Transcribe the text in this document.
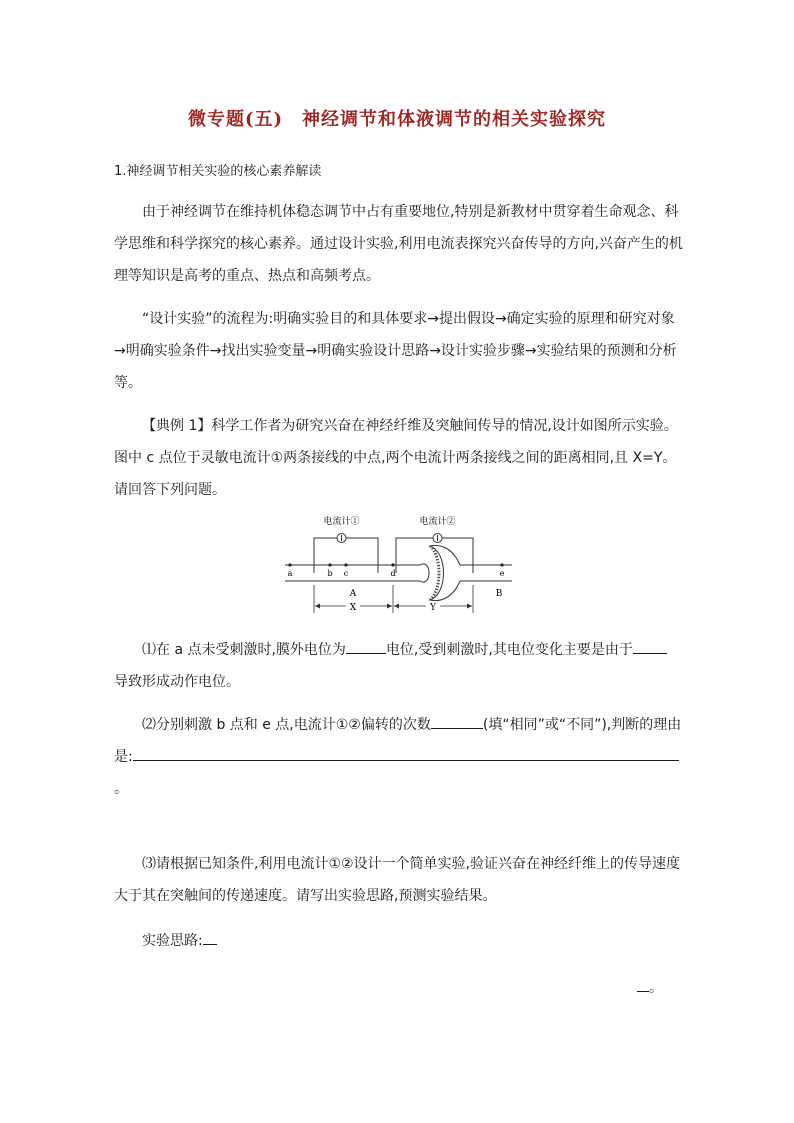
微专题(五)　神经调节和体液调节的相关实验探究
1.神经调节相关实验的核心素养解读
由于神经调节在维持机体稳态调节中占有重要地位,特别是新教材中贯穿着生命观念、科学思维和科学探究的核心素养。通过设计实验,利用电流表探究兴奋传导的方向,兴奋产生的机理等知识是高考的重点、热点和高频考点。
“设计实验”的流程为:明确实验目的和具体要求→提出假设→确定实验的原理和研究对象→明确实验条件→找出实验变量→明确实验设计思路→设计实验步骤→实验结果的预测和分析等。
【典例 1】科学工作者为研究兴奋在神经纤维及突触间传导的情况,设计如图所示实验。图中 c 点位于灵敏电流计①两条接线的中点,两个电流计两条接线之间的距离相同,且 X=Y。请回答下列问题。
电流计①	电流计②
a	b c	d	e
A	B
X	Y
⑴在 a 点未受刺激时,膜外电位为	电位,受到刺激时,其电位变化主要是由于
导致形成动作电位。
⑵分别刺激 b 点和 e 点,电流计①②偏转的次数	(填“相同”或“不同”),判断的理由
是:
。
⑶请根据已知条件,利用电流计①②设计一个简单实验,验证兴奋在神经纤维上的传导速度大于其在突触间的传递速度。请写出实验思路,预测实验结果。
实验思路:
。
